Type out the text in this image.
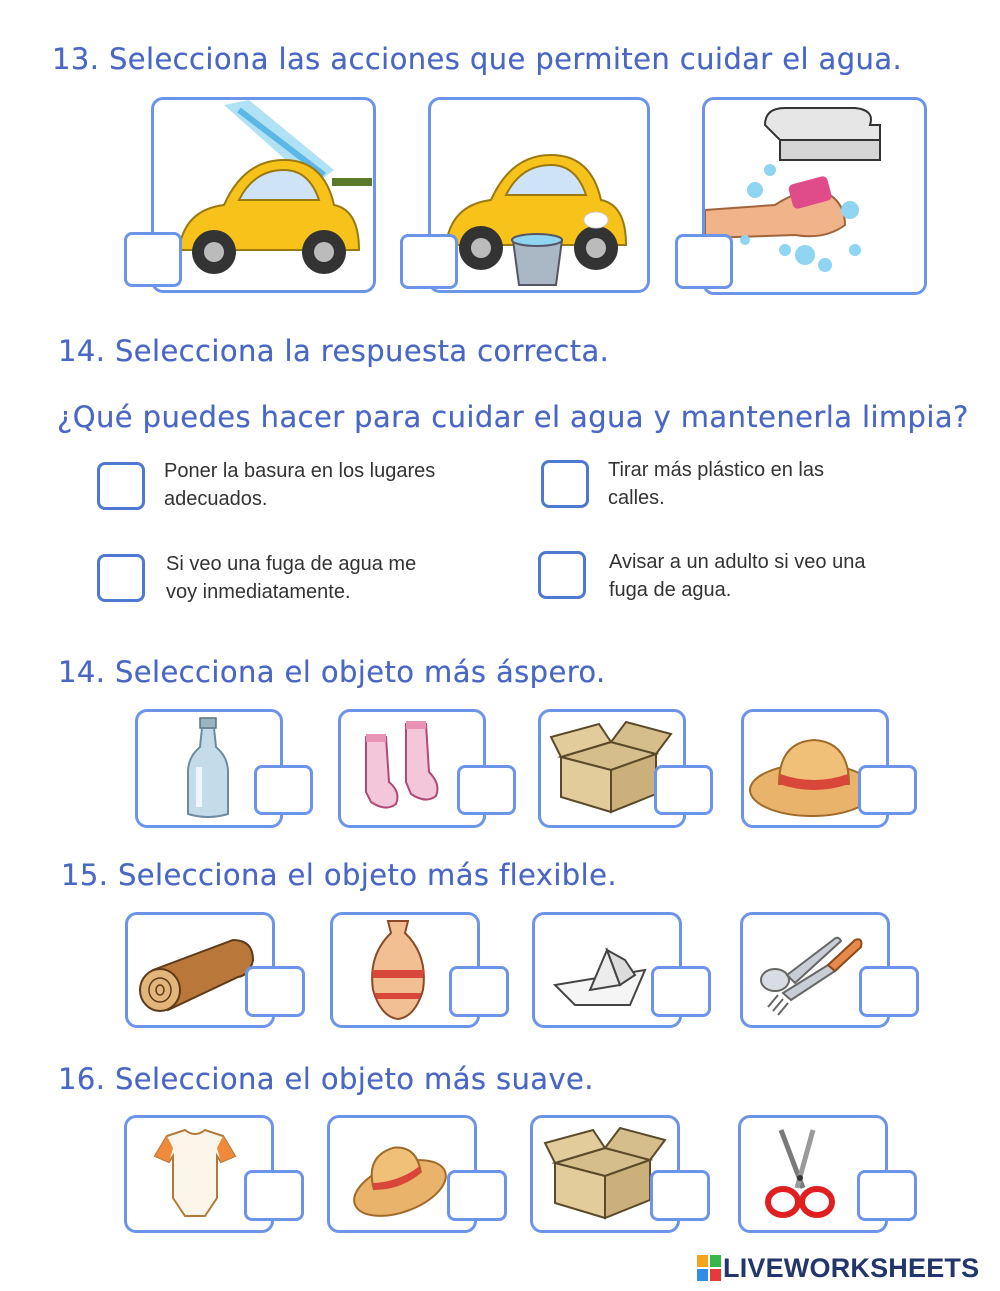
13. Selecciona las acciones que permiten cuidar el agua.
14. Selecciona la respuesta correcta.
¿Qué puedes hacer para cuidar el agua y mantenerla limpia?
Poner la basura en los lugares
adecuados.
Tirar más plástico en las
calles.
Si veo una fuga de agua me
voy inmediatamente.
Avisar a un adulto si veo una
fuga de agua.
14. Selecciona el objeto más áspero.
15. Selecciona el objeto más flexible.
16. Selecciona el objeto más suave.
LIVEWORKSHEETS
